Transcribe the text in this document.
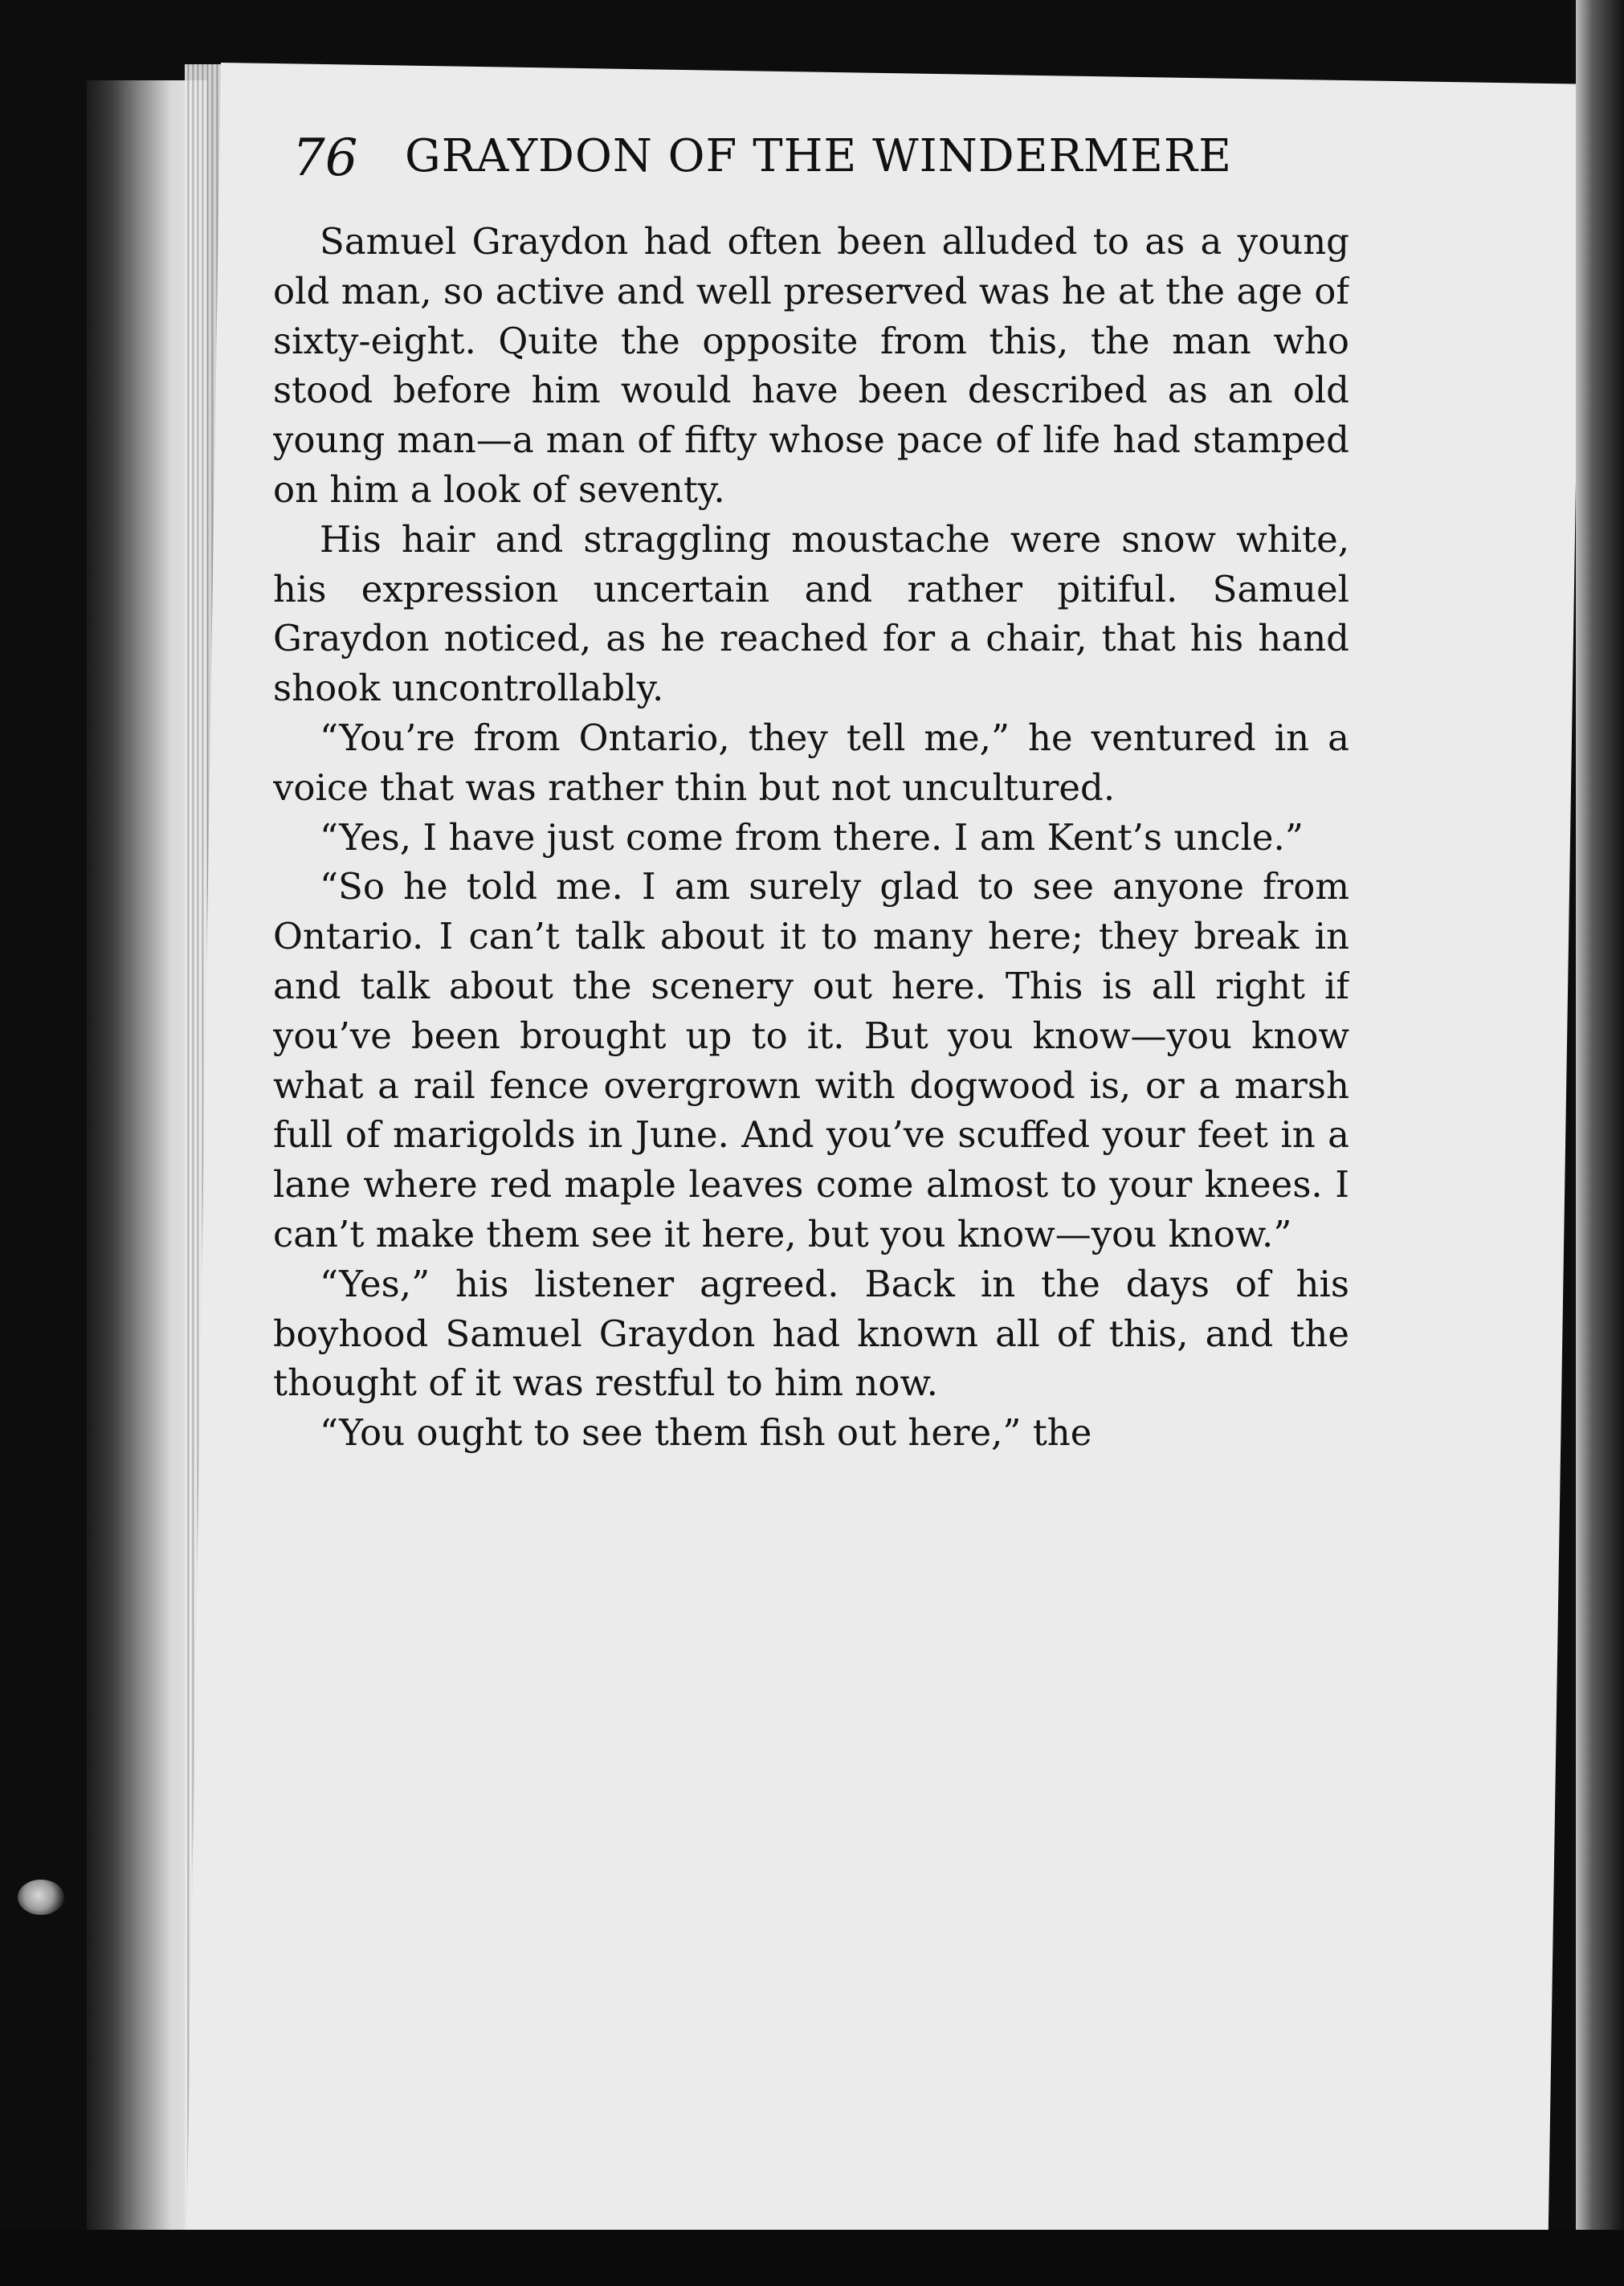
76 GRAYDON OF THE WINDERMERE

Samuel Graydon had often been alluded to as a young old man, so active and well preserved was he at the age of sixty-eight. Quite the opposite from this, the man who stood before him would have been described as an old young man—a man of fifty whose pace of life had stamped on him a look of seventy.

His hair and straggling moustache were snow white, his expression uncertain and rather pitiful. Samuel Graydon noticed, as he reached for a chair, that his hand shook uncontrollably.

“You’re from Ontario, they tell me,” he ventured in a voice that was rather thin but not uncultured.

“Yes, I have just come from there. I am Kent’s uncle.”

“So he told me. I am surely glad to see anyone from Ontario. I can’t talk about it to many here; they break in and talk about the scenery out here. This is all right if you’ve been brought up to it. But you know—you know what a rail fence overgrown with dogwood is, or a marsh full of marigolds in June. And you’ve scuffed your feet in a lane where red maple leaves come almost to your knees. I can’t make them see it here, but you know—you know.”

“Yes,” his listener agreed. Back in the days of his boyhood Samuel Graydon had known all of this, and the thought of it was restful to him now.

“You ought to see them fish out here,” the
